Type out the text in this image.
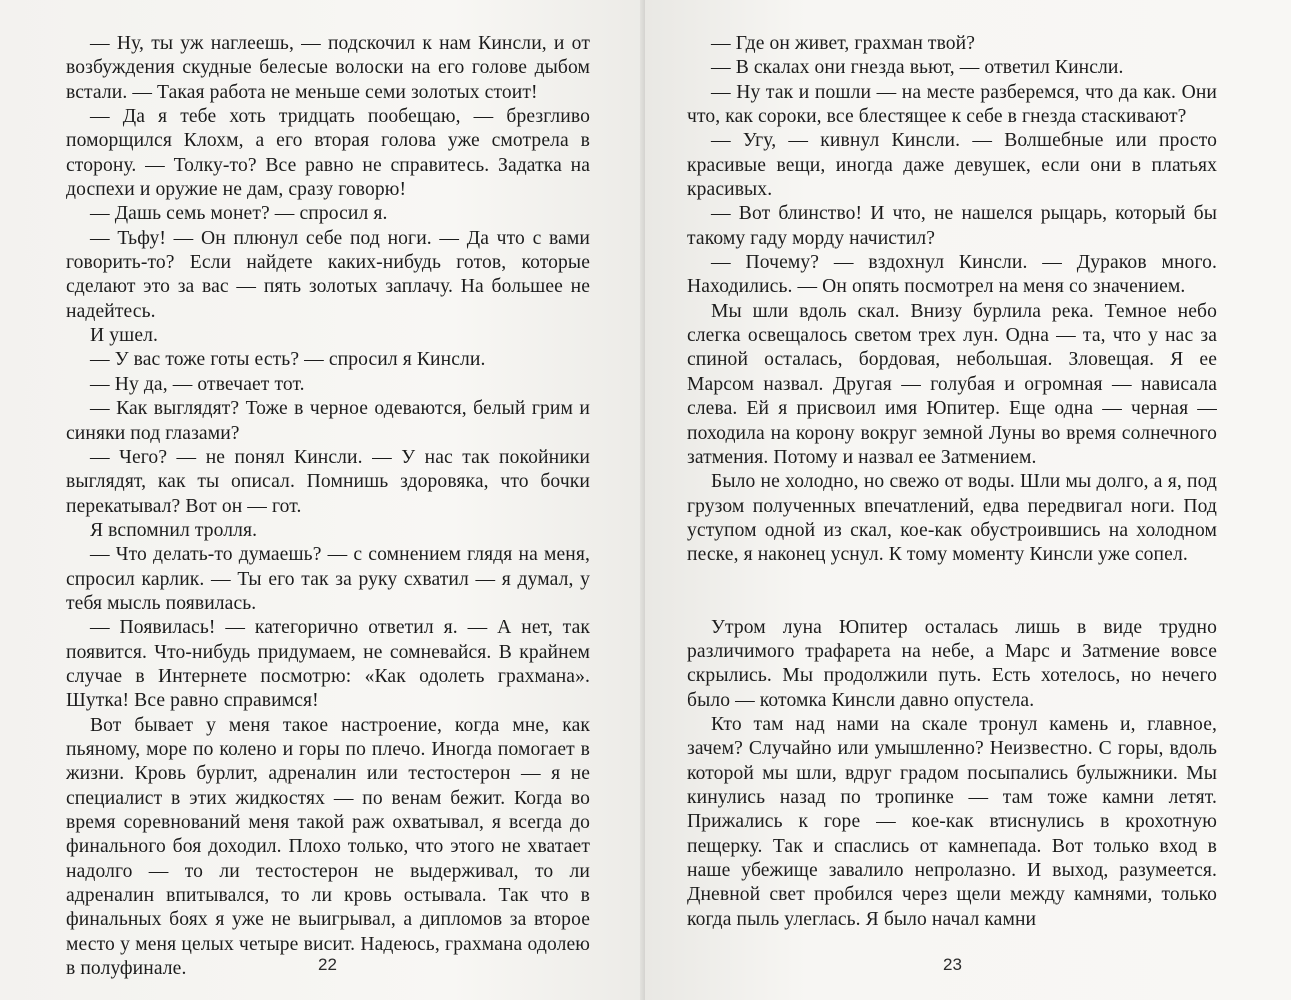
— Ну, ты уж наглеешь, — подскочил к нам Кинсли, и от возбуждения скудные белесые волоски на его голове дыбом встали. — Такая работа не меньше семи золотых стоит!

— Да я тебе хоть тридцать пообещаю, — брезгливо поморщился Клохм, а его вторая голова уже смотрела в сторону. — Толку-то? Все равно не справитесь. Задатка на доспехи и оружие не дам, сразу говорю!

— Дашь семь монет? — спросил я.

— Тьфу! — Он плюнул себе под ноги. — Да что с вами говорить-то? Если найдете каких-нибудь готов, которые сделают это за вас — пять золотых заплачу. На большее не надейтесь.

И ушел.

— У вас тоже готы есть? — спросил я Кинсли.

— Ну да, — отвечает тот.

— Как выглядят? Тоже в черное одеваются, белый грим и синяки под глазами?

— Чего? — не понял Кинсли. — У нас так покойники выглядят, как ты описал. Помнишь здоровяка, что бочки перекатывал? Вот он — гот.

Я вспомнил тролля.

— Что делать-то думаешь? — с сомнением глядя на меня, спросил карлик. — Ты его так за руку схватил — я думал, у тебя мысль появилась.

— Появилась! — категорично ответил я. — А нет, так появится. Что-нибудь придумаем, не сомневайся. В крайнем случае в Интернете посмотрю: «Как одолеть грахмана». Шутка! Все равно справимся!

Вот бывает у меня такое настроение, когда мне, как пьяному, море по колено и горы по плечо. Иногда помогает в жизни. Кровь бурлит, адреналин или тестостерон — я не специалист в этих жидкостях — по венам бежит. Когда во время соревнований меня такой раж охватывал, я всегда до финального боя доходил. Плохо только, что этого не хватает надолго — то ли тестостерон не выдерживал, то ли адреналин впитывался, то ли кровь остывала. Так что в финальных боях я уже не выигрывал, а дипломов за второе место у меня целых четыре висит. Надеюсь, грахмана одолею в полуфинале.	22

— Где он живет, грахман твой?

— В скалах они гнезда вьют, — ответил Кинсли.

— Ну так и пошли — на месте разберемся, что да как. Они что, как сороки, все блестящее к себе в гнезда стаскивают?

— Угу, — кивнул Кинсли. — Волшебные или просто красивые вещи, иногда даже девушек, если они в платьях красивых.

— Вот блинство! И что, не нашелся рыцарь, который бы такому гаду морду начистил?

— Почему? — вздохнул Кинсли. — Дураков много. Находились. — Он опять посмотрел на меня со значением.

Мы шли вдоль скал. Внизу бурлила река. Темное небо слегка освещалось светом трех лун. Одна — та, что у нас за спиной осталась, бордовая, небольшая. Зловещая. Я ее Марсом назвал. Другая — голубая и огромная — нависала слева. Ей я присвоил имя Юпитер. Еще одна — черная — походила на корону вокруг земной Луны во время солнечного затмения. Потому и назвал ее Затмением.

Было не холодно, но свежо от воды. Шли мы долго, а я, под грузом полученных впечатлений, едва передвигал ноги. Под уступом одной из скал, кое-как обустроившись на холодном песке, я наконец уснул. К тому моменту Кинсли уже сопел.

Утром луна Юпитер осталась лишь в виде трудно различимого трафарета на небе, а Марс и Затмение вовсе скрылись. Мы продолжили путь. Есть хотелось, но нечего было — котомка Кинсли давно опустела.

Кто там над нами на скале тронул камень и, главное, зачем? Случайно или умышленно? Неизвестно. С горы, вдоль которой мы шли, вдруг градом посыпались булыжники. Мы кинулись назад по тропинке — там тоже камни летят. Прижались к горе — кое-как втиснулись в крохотную пещерку. Так и спаслись от камнепада. Вот только вход в наше убежище завалило непролазно. И выход, разумеется. Дневной свет пробился через щели между камнями, только когда пыль улеглась. Я было начал камни

23
